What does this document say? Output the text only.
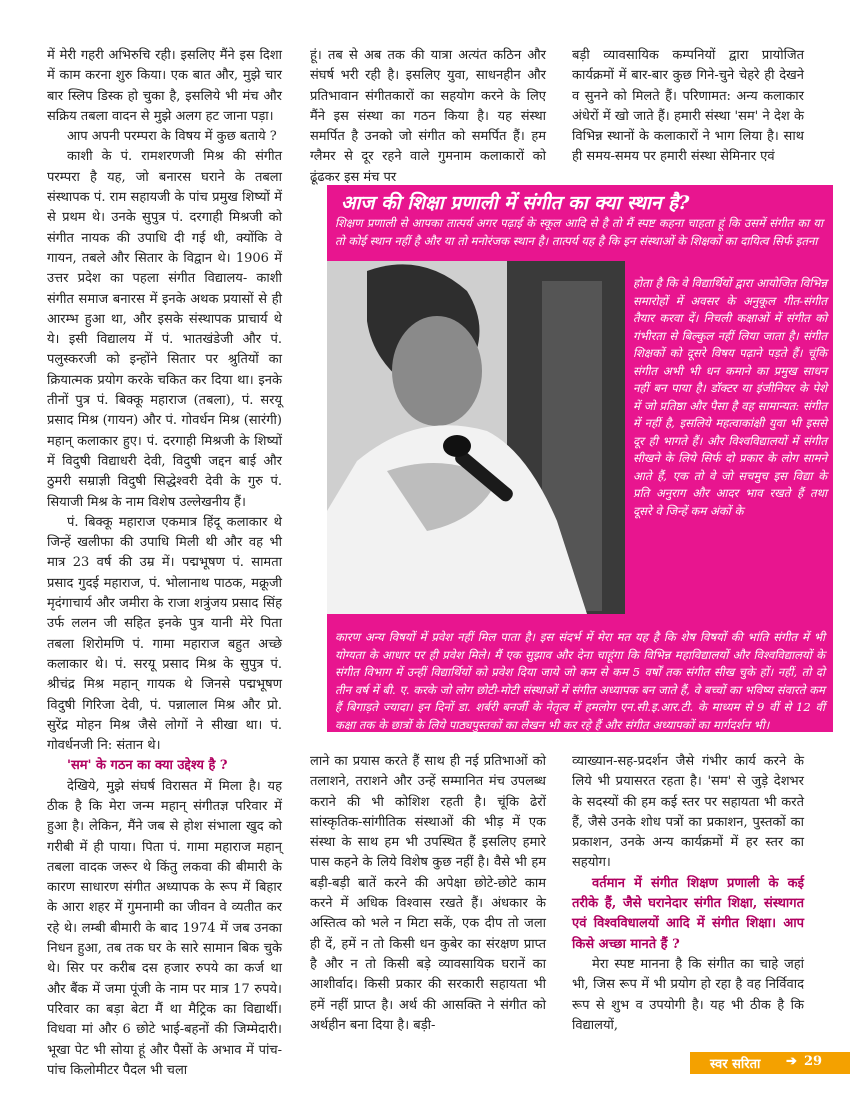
में मेरी गहरी अभिरुचि रही। इसलिए मैंने इस दिशा में काम करना शुरु किया। एक बात और, मुझे चार बार स्लिप डिस्क हो चुका है, इसलिये भी मंच और सक्रिय तबला वादन से मुझे अलग हट जाना पड़ा।

आप अपनी परम्परा के विषय में कुछ बताये ?

काशी के पं. रामशरणजी मिश्र की संगीत परम्परा है यह, जो बनारस घराने के तबला संस्थापक पं. राम सहायजी के पांच प्रमुख शिष्यों में से प्रथम थे। उनके सुपुत्र पं. दरगाही मिश्रजी को संगीत नायक की उपाधि दी गई थी, क्योंकि वे गायन, तबले और सितार के विद्वान थे। 1906 में उत्तर प्रदेश का पहला संगीत विद्यालय- काशी संगीत समाज बनारस में इनके अथक प्रयासों से ही आरम्भ हुआ था, और इसके संस्थापक प्राचार्य थे ये। इसी विद्यालय में पं. भातखंडेजी और पं. पलुस्करजी को इन्होंने सितार पर श्रुतियों का क्रियात्मक प्रयोग करके चकित कर दिया था। इनके तीनों पुत्र पं. बिक्कू महाराज (तबला), पं. सरयू प्रसाद मिश्र (गायन) और पं. गोवर्धन मिश्र (सारंगी) महान् कलाकार हुए। पं. दरगाही मिश्रजी के शिष्यों में विदुषी विद्याधरी देवी, विदुषी जद्दन बाई और ठुमरी सम्राज्ञी विदुषी सिद्धेश्वरी देवी के गुरु पं. सियाजी मिश्र के नाम विशेष उल्लेखनीय हैं।

पं. बिक्कू महाराज एकमात्र हिंदू कलाकार थे जिन्हें खलीफा की उपाधि मिली थी और वह भी मात्र 23 वर्ष की उम्र में। पद्मभूषण पं. सामता प्रसाद गुदई महाराज, पं. भोलानाथ पाठक, मक्रूजी मृदंगाचार्य और जमीरा के राजा शत्रुंजय प्रसाद सिंह उर्फ ललन जी सहित इनके पुत्र यानी मेरे पिता तबला शिरोमणि पं. गामा महाराज बहुत अच्छे कलाकार थे। पं. सरयू प्रसाद मिश्र के सुपुत्र पं. श्रीचंद्र मिश्र महान् गायक थे जिनसे पद्मभूषण विदुषी गिरिजा देवी, पं. पन्नालाल मिश्र और प्रो. सुरेंद्र मोहन मिश्र जैसे लोगों ने सीखा था। पं. गोवर्धनजी नि: संतान थे।

'सम' के गठन का क्या उद्देश्य है ?

देखिये, मुझे संघर्ष विरासत में मिला है। यह ठीक है कि मेरा जन्म महान् संगीतज्ञ परिवार में हुआ है। लेकिन, मैंने जब से होश संभाला खुद को गरीबी में ही पाया। पिता पं. गामा महाराज महान् तबला वादक जरूर थे किंतु लकवा की बीमारी के कारण साधारण संगीत अध्यापक के रूप में बिहार के आरा शहर में गुमनामी का जीवन वे व्यतीत कर रहे थे। लम्बी बीमारी के बाद 1974 में जब उनका निधन हुआ, तब तक घर के सारे सामान बिक चुके थे। सिर पर करीब दस हजार रुपये का कर्ज था और बैंक में जमा पूंजी के नाम पर मात्र 17 रुपये। परिवार का बड़ा बेटा मैं था मैट्रिक का विद्यार्थी। विधवा मां और 6 छोटे भाई-बहनों की जिम्मेदारी। भूखा पेट भी सोया हूं और पैसों के अभाव में पांच-पांच किलोमीटर पैदल भी चला

हूं। तब से अब तक की यात्रा अत्यंत कठिन और संघर्ष भरी रही है। इसलिए युवा, साधनहीन और प्रतिभावान संगीतकारों का सहयोग करने के लिए मैंने इस संस्था का गठन किया है। यह संस्था समर्पित है उनको जो संगीत को समर्पित हैं। हम ग्लैमर से दूर रहने वाले गुमनाम कलाकारों को ढूंढकर इस मंच पर

बड़ी व्यावसायिक कम्पनियों द्वारा प्रायोजित कार्यक्रमों में बार-बार कुछ गिने-चुने चेहरे ही देखने व सुनने को मिलते हैं। परिणामत: अन्य कलाकार अंधेरों में खो जाते हैं। हमारी संस्था 'सम' ने देश के विभिन्न स्थानों के कलाकारों ने भाग लिया है। साथ ही समय-समय पर हमारी संस्था सेमिनार एवं

आज की शिक्षा प्रणाली में संगीत का क्या स्थान है?
शिक्षण प्रणाली से आपका तात्पर्य अगर पढ़ाई के स्कूल आदि से है तो मैं स्पष्ट कहना चाहता हूं कि उसमें संगीत का या तो कोई स्थान नहीं है और या तो मनोरंजक स्थान है। तात्पर्य यह है कि इन संस्थाओं के शिक्षकों का दायित्व सिर्फ इतना
होता है कि वे विद्यार्थियों द्वारा आयोजित विभिन्न समारोहों में अवसर के अनुकूल गीत-संगीत तैयार करवा दें। निचली कक्षाओं में संगीत को गंभीरता से बिल्कुल नहीं लिया जाता है। संगीत शिक्षकों को दूसरे विषय पढ़ाने पड़ते हैं। चूंकि संगीत अभी भी धन कमाने का प्रमुख साधन नहीं बन पाया है। डॉक्टर या इंजीनियर के पेशे में जो प्रतिष्ठा और पैसा है वह सामान्यत: संगीत में नहीं है, इसलिये महत्वाकांक्षी युवा भी इससे दूर ही भागते हैं। और विश्वविद्यालयों में संगीत सीखने के लिये सिर्फ दो प्रकार के लोग सामने आते हैं, एक तो वे जो सचमुच इस विद्या के प्रति अनुराग और आदर भाव रखते हैं तथा दूसरे वे जिन्हें कम अंकों के
कारण अन्य विषयों में प्रवेश नहीं मिल पाता है। इस संदर्भ में मेरा मत यह है कि शेष विषयों की भांति संगीत में भी योग्यता के आधार पर ही प्रवेश मिले। मैं एक सुझाव और देना चाहूंगा कि विभिन्न महाविद्यालयों और विश्वविद्यालयों के संगीत विभाग में उन्हीं विद्यार्थियों को प्रवेश दिया जाये जो कम से कम 5 वर्षों तक संगीत सीख चुके हों। नहीं, तो दो तीन वर्ष में बी. ए. करके जो लोग छोटी-मोटी संस्थाओं में संगीत अध्यापक बन जाते हैं, वे बच्चों का भविष्य संवारते कम हैं बिगाड़ते ज्यादा। इन दिनों डा. शर्बरी बनर्जी के नेतृत्व में हमलोग एन.सी.इ.आर.टी. के माध्यम से 9 वीं से 12 वीं कक्षा तक के छात्रों के लिये पाठ्यपुस्तकों का लेखन भी कर रहे हैं और संगीत अध्यापकों का मार्गदर्शन भी।

लाने का प्रयास करते हैं साथ ही नई प्रतिभाओं को तलाशने, तराशने और उन्हें सम्मानित मंच उपलब्ध कराने की भी कोशिश रहती है। चूंकि ढेरों सांस्कृतिक-सांगीतिक संस्थाओं की भीड़ में एक संस्था के साथ हम भी उपस्थित हैं इसलिए हमारे पास कहने के लिये विशेष कुछ नहीं है। वैसे भी हम बड़ी-बड़ी बातें करने की अपेक्षा छोटे-छोटे काम करने में अधिक विश्वास रखते हैं। अंधकार के अस्तित्व को भले न मिटा सकें, एक दीप तो जला ही दें, हमें न तो किसी धन कुबेर का संरक्षण प्राप्त है और न तो किसी बड़े व्यावसायिक घरानें का आशीर्वाद। किसी प्रकार की सरकारी सहायता भी हमें नहीं प्राप्त है। अर्थ की आसक्ति ने संगीत को अर्थहीन बना दिया है। बड़ी-

व्याख्यान-सह-प्रदर्शन जैसे गंभीर कार्य करने के लिये भी प्रयासरत रहता है। 'सम' से जुड़े देशभर के सदस्यों की हम कई स्तर पर सहायता भी करते हैं, जैसे उनके शोध पत्रों का प्रकाशन, पुस्तकों का प्रकाशन, उनके अन्य कार्यक्रमों में हर स्तर का सहयोग।

वर्तमान में संगीत शिक्षण प्रणाली के कई तरीके हैं, जैसे घरानेदार संगीत शिक्षा, संस्थागत एवं विश्वविधालयों आदि में संगीत शिक्षा। आप किसे अच्छा मानते हैं ?

मेरा स्पष्ट मानना है कि संगीत का चाहे जहां भी, जिस रूप में भी प्रयोग हो रहा है वह निर्विवाद रूप से शुभ व उपयोगी है। यह भी ठीक है कि विद्यालयों,

स्वर सरिता ➔ 29
